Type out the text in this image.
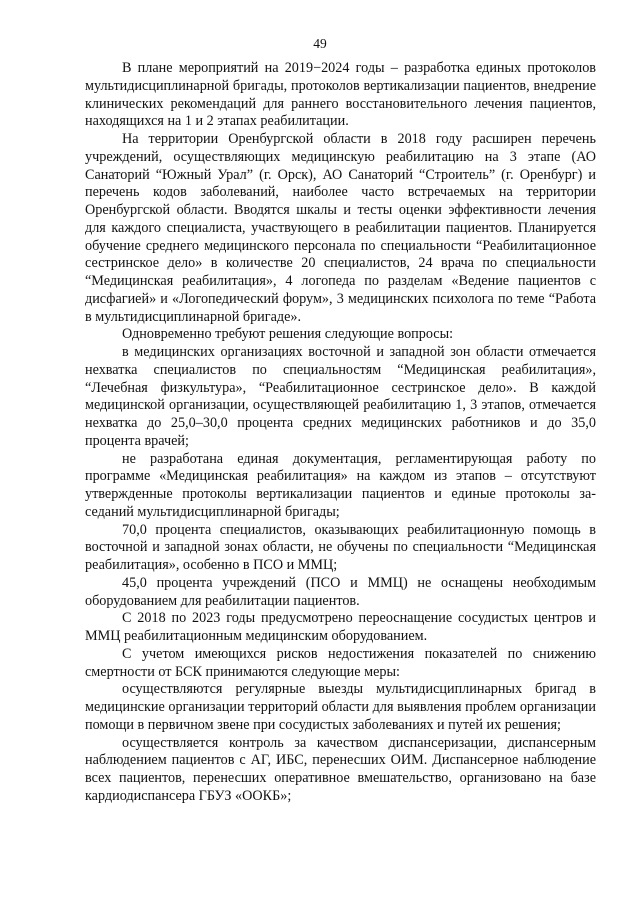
49

В плане мероприятий на 2019−2024 годы – разработка единых протоколов мультидисциплинарной бригады, протоколов вертикализации пациентов, внедрение клинических рекомендаций для раннего восстановительного лечения пациентов, находящихся на 1 и 2 этапах реабилитации.

На территории Оренбургской области в 2018 году расширен перечень учреждений, осуществляющих медицинскую реабилитацию на 3 этапе (АО Санаторий “Южный Урал” (г. Орск), АО Санаторий “Строитель” (г. Оренбург) и перечень кодов заболеваний, наиболее часто встречаемых на территории Оренбургской области. Вводятся шкалы и тесты оценки эффективности лечения для каждого специалиста, участвующего в реабилитации пациентов. Планируется обучение среднего медицинского персонала по специальности “Реабилитационное сестринское дело» в количестве 20 специалистов, 24 врача по специальности “Медицинская реабилитация», 4 логопеда по разделам «Ведение пациентов с дисфагией» и «Логопедический форум», 3 медицинских психолога по теме “Работа в мультидисциплинарной бригаде».

Одновременно требуют решения следующие вопросы:

в медицинских организациях восточной и западной зон области отмечается нехватка специалистов по специальностям “Медицинская реабилитация», “Лечебная физкультура», “Реабилитационное сестринское дело». В каждой медицинской организации, осуществляющей реабилитацию 1, 3 этапов, отмечается нехватка до 25,0–30,0 процента средних медицинских работников и до 35,0 процента врачей;

не разработана единая документация, регламентирующая работу по программе «Медицинская реабилитация» на каждом из этапов – отсутствуют утвержденные протоколы вертикализации пациентов и единые протоколы заседаний мультидисциплинарной бригады;

70,0 процента специалистов, оказывающих реабилитационную помощь в восточной и западной зонах области, не обучены по специальности “Медицинская реабилитация», особенно в ПСО и ММЦ;

45,0 процента учреждений (ПСО и ММЦ) не оснащены необходимым оборудованием для реабилитации пациентов.

С 2018 по 2023 годы предусмотрено переоснащение сосудистых центров и ММЦ реабилитационным медицинским оборудованием.

С учетом имеющихся рисков недостижения показателей по снижению смертности от БСК принимаются следующие меры:

осуществляются регулярные выезды мультидисциплинарных бригад в медицинские организации территорий области для выявления проблем организации помощи в первичном звене при сосудистых заболеваниях и путей их решения;

осуществляется контроль за качеством диспансеризации, диспансерным наблюдением пациентов с АГ, ИБС, перенесших ОИМ. Диспансерное наблюдение всех пациентов, перенесших оперативное вмешательство, организовано на базе кардиодиспансера ГБУЗ «ООКБ»;
